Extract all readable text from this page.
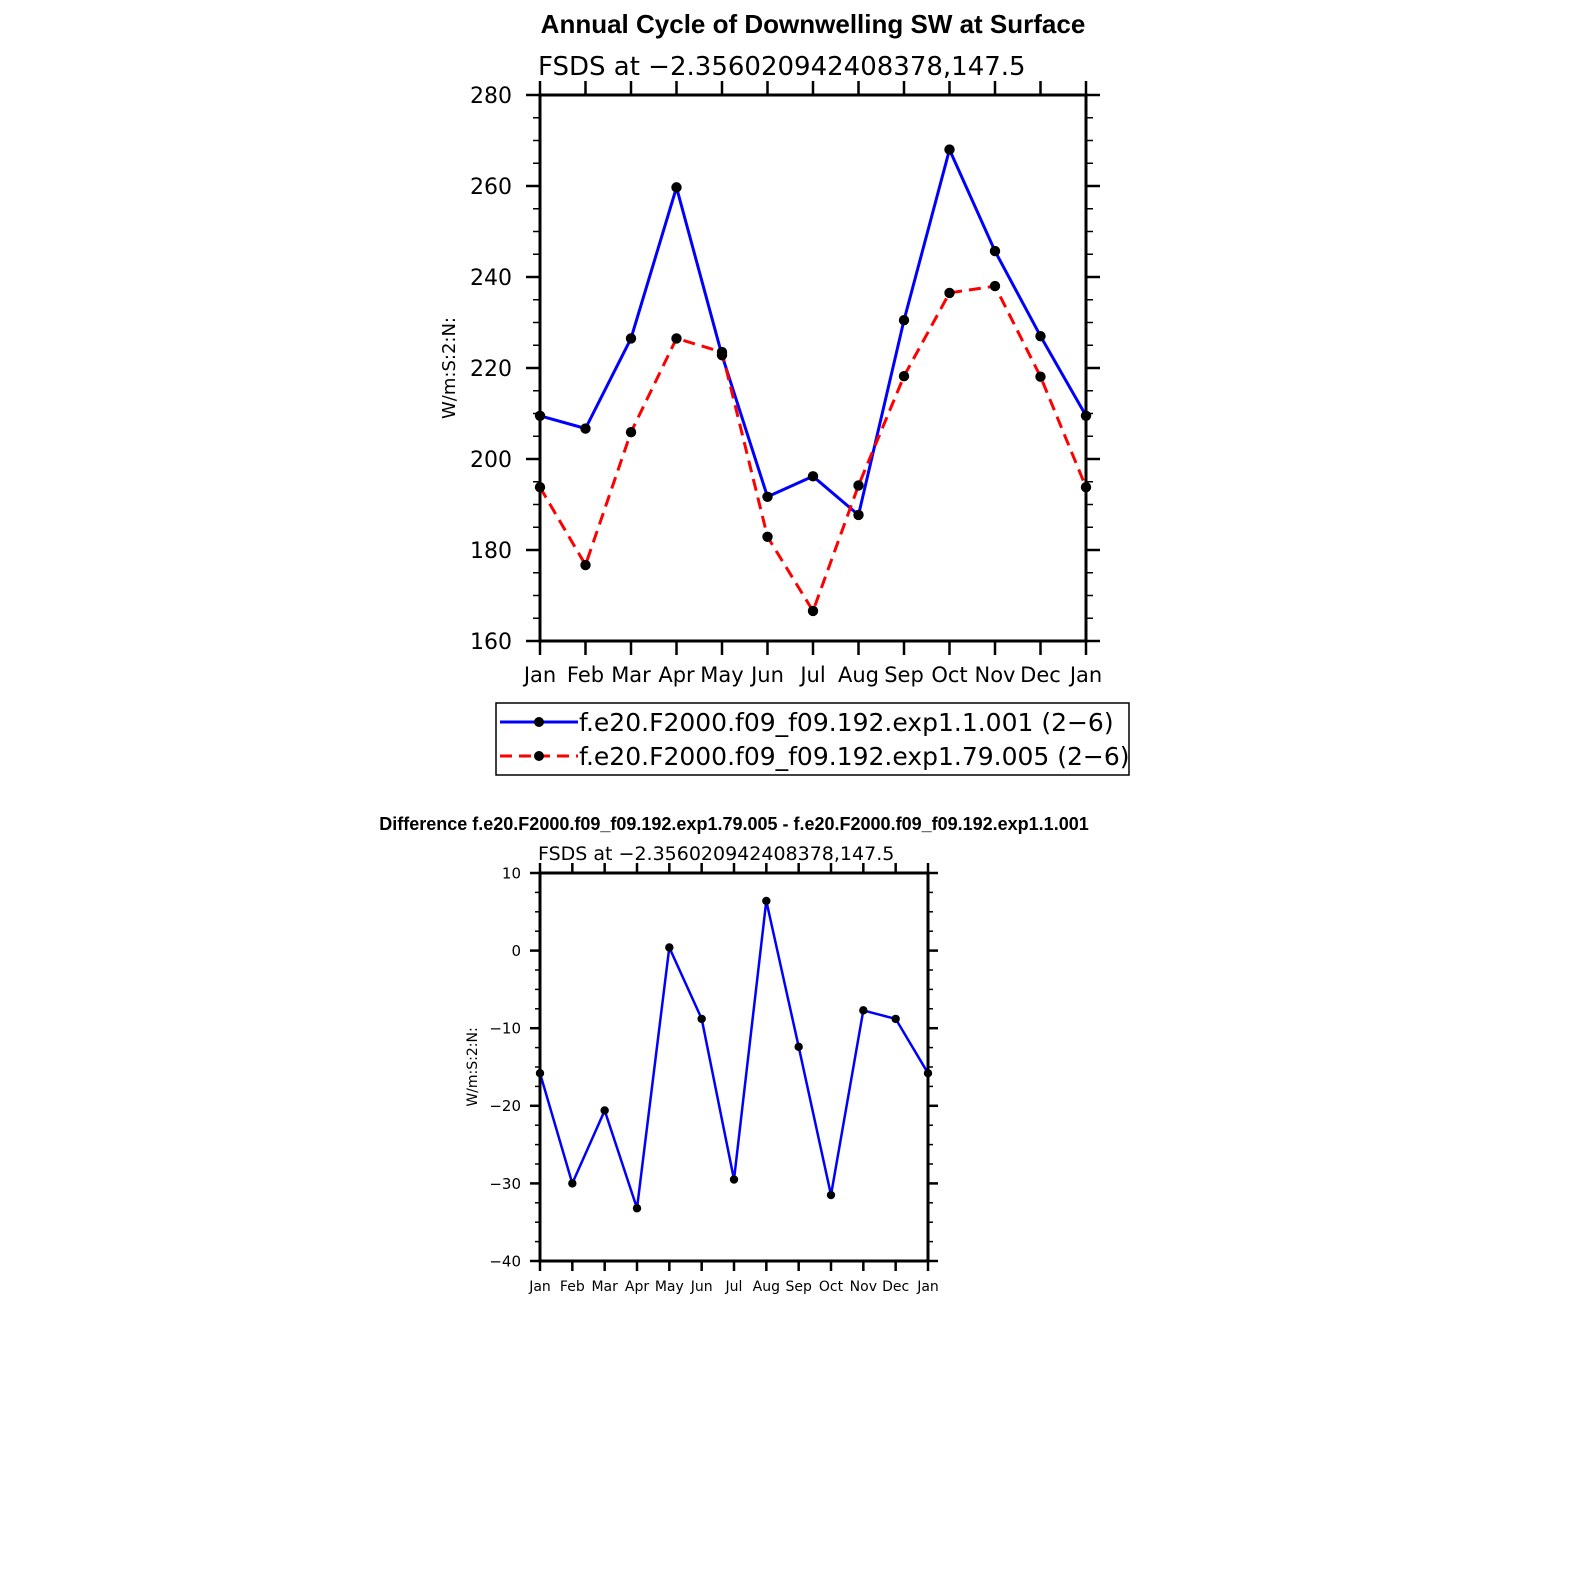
Annual Cycle of Downwelling SW at Surface
FSDS at −2.356020942408378,147.5
W/m:S:2:N:
Jan Feb Mar Apr May Jun Jul Aug Sep Oct Nov Dec Jan
160
180
200
220
240
260
280
f.e20.F2000.f09_f09.192.exp1.1.001 (2−6)
f.e20.F2000.f09_f09.192.exp1.79.005 (2−6)
Difference f.e20.F2000.f09_f09.192.exp1.79.005 - f.e20.F2000.f09_f09.192.exp1.1.001
FSDS at −2.356020942408378,147.5
W/m:S:2:N:
Jan Feb Mar Apr May Jun Jul Aug Sep Oct Nov Dec Jan
−40
−30
−20
−10
0
10
